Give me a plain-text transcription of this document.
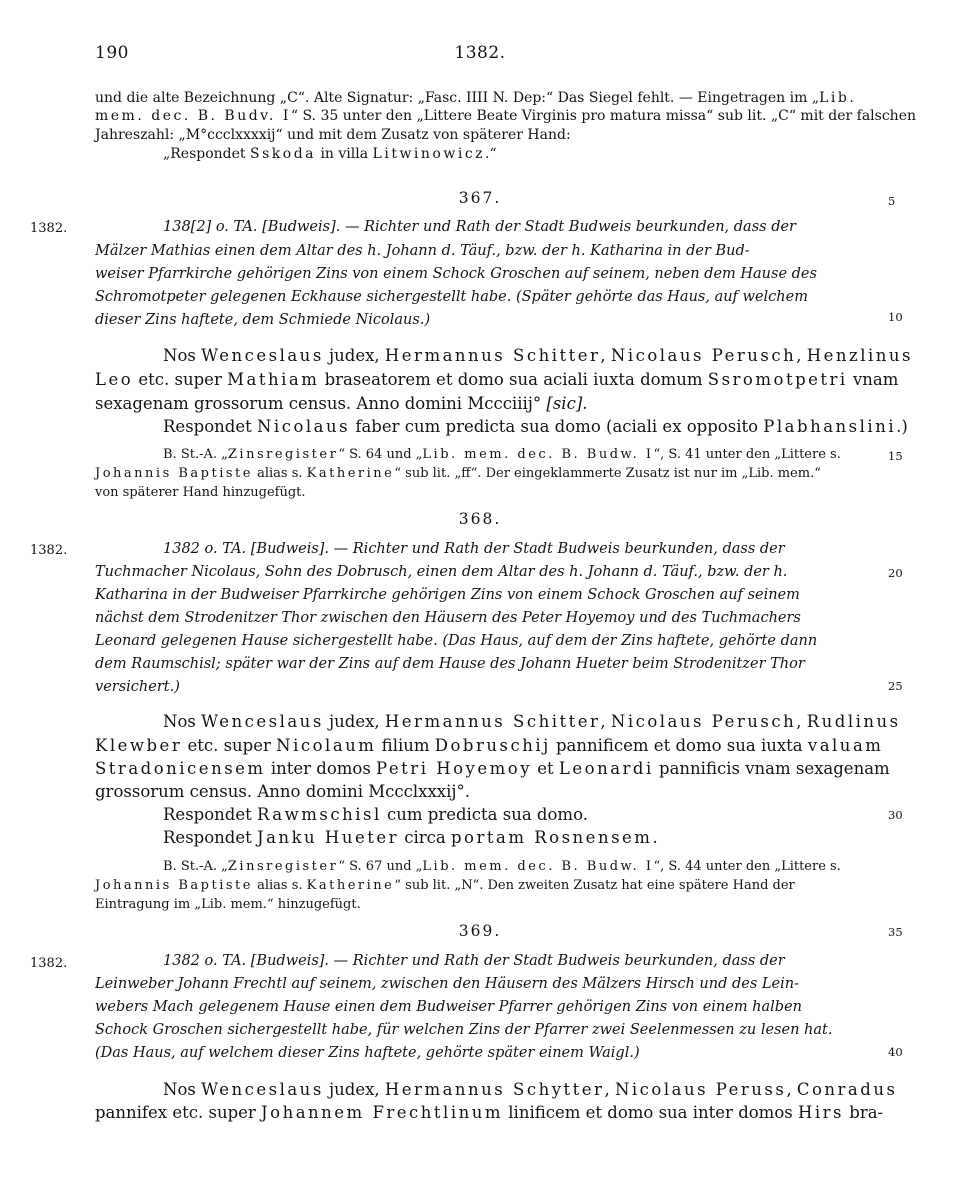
190	1382.
und die alte Bezeichnung „C“. Alte Signatur: „Fasc. IIII N. Dep:“ Das Siegel fehlt. — Eingetragen im „Lib.
mem. dec. B. Budv. I“ S. 35 unter den „Littere Beate Virginis pro matura missa“ sub lit. „C“ mit der falschen
Jahreszahl: „M°ccclxxxxij“ und mit dem Zusatz von späterer Hand:
„Respondet Sskoda in villa Litwinowicz.“
367.
1382.	138[2] o. TA. [Budweis]. — Richter und Rath der Stadt Budweis beurkunden, dass der
Mälzer Mathias einen dem Altar des h. Johann d. Täuf., bzw. der h. Katharina in der Bud-
weiser Pfarrkirche gehörigen Zins von einem Schock Groschen auf seinem, neben dem Hause des
Schromotpeter gelegenen Eckhause sichergestellt habe. (Später gehörte das Haus, auf welchem
dieser Zins haftete, dem Schmiede Nicolaus.)
Nos Wenceslaus judex, Hermannus Schitter, Nicolaus Perusch, Henzlinus
Leo etc. super Mathiam braseatorem et domo sua aciali iuxta domum Ssromotpetri vnam
sexagenam grossorum census. Anno domini Mccciiij° [sic].
Respondet Nicolaus faber cum predicta sua domo (aciali ex opposito Plabhanslini.)
B. St.-A. „Zinsregister“ S. 64 und „Lib. mem. dec. B. Budw. I“, S. 41 unter den „Littere s.
Johannis Baptiste alias s. Katherine“ sub lit. „ff“. Der eingeklammerte Zusatz ist nur im „Lib. mem.“
von späterer Hand hinzugefügt.
368.
1382.	1382 o. TA. [Budweis]. — Richter und Rath der Stadt Budweis beurkunden, dass der
Tuchmacher Nicolaus, Sohn des Dobrusch, einen dem Altar des h. Johann d. Täuf., bzw. der h.
Katharina in der Budweiser Pfarrkirche gehörigen Zins von einem Schock Groschen auf seinem
nächst dem Strodenitzer Thor zwischen den Häusern des Peter Hoyemoy und des Tuchmachers
Leonard gelegenen Hause sichergestellt habe. (Das Haus, auf dem der Zins haftete, gehörte dann
dem Raumschisl; später war der Zins auf dem Hause des Johann Hueter beim Strodenitzer Thor
versichert.)
Nos Wenceslaus judex, Hermannus Schitter, Nicolaus Perusch, Rudlinus
Klewber etc. super Nicolaum filium Dobruschij pannificem et domo sua iuxta valuam
Stradonicensem inter domos Petri Hoyemoy et Leonardi pannificis vnam sexagenam
grossorum census. Anno domini Mccclxxxij°.
Respondet Rawmschisl cum predicta sua domo.
Respondet Janku Hueter circa portam Rosnensem.
B. St.-A. „Zinsregister“ S. 67 und „Lib. mem. dec. B. Budw. I“, S. 44 unter den „Littere s.
Johannis Baptiste alias s. Katherine“ sub lit. „N“. Den zweiten Zusatz hat eine spätere Hand der
Eintragung im „Lib. mem.“ hinzugefügt.
369.
1382.	1382 o. TA. [Budweis]. — Richter und Rath der Stadt Budweis beurkunden, dass der
Leinweber Johann Frechtl auf seinem, zwischen den Häusern des Mälzers Hirsch und des Lein-
webers Mach gelegenem Hause einen dem Budweiser Pfarrer gehörigen Zins von einem halben
Schock Groschen sichergestellt habe, für welchen Zins der Pfarrer zwei Seelenmessen zu lesen hat.
(Das Haus, auf welchem dieser Zins haftete, gehörte später einem Waigl.)
Nos Wenceslaus judex, Hermannus Schytter, Nicolaus Peruss, Conradus
pannifex etc. super Johannem Frechtlinum linificem et domo sua inter domos Hirs bra-
5
10
15
20
25
30
35
40
